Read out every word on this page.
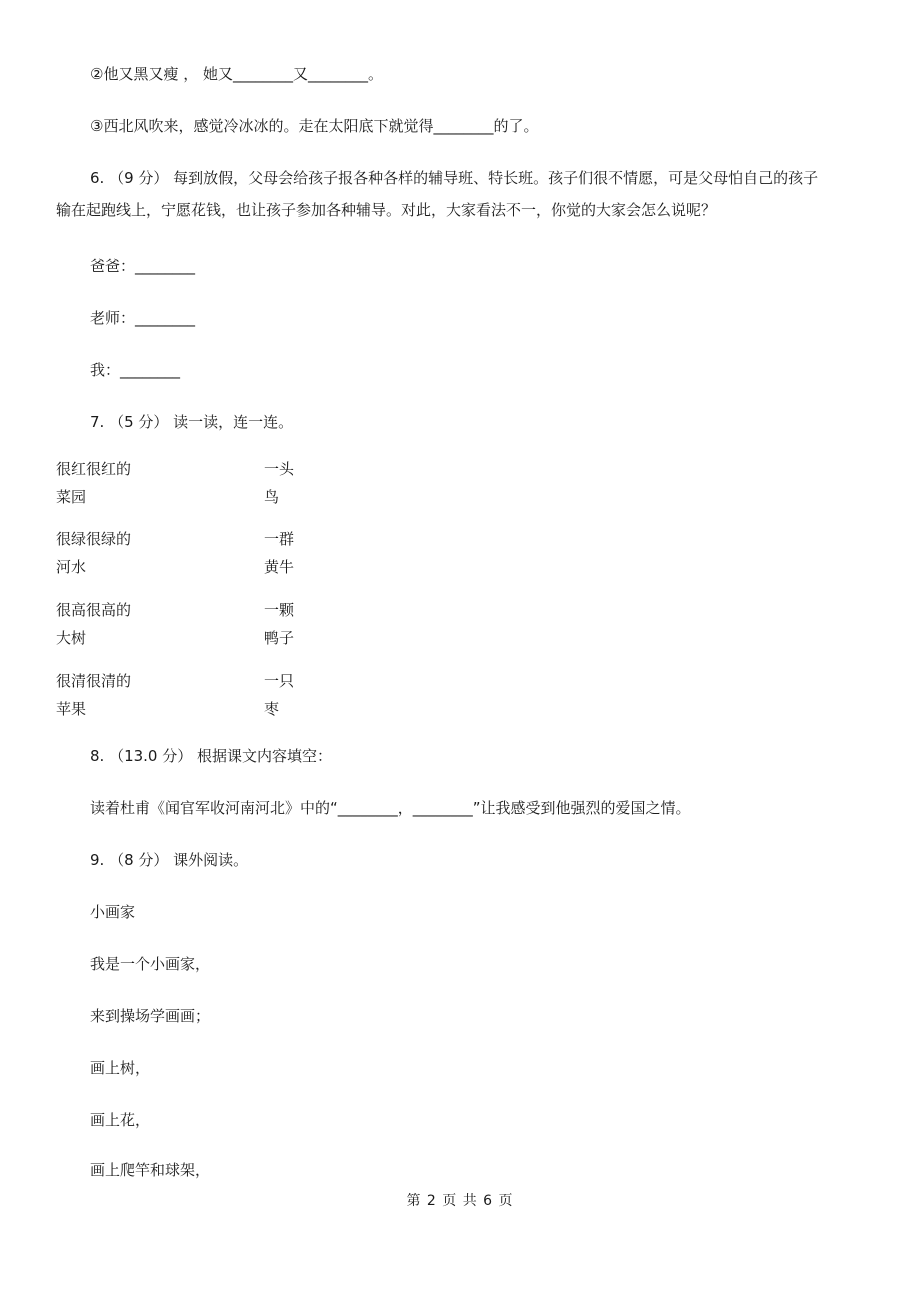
②他又黑又瘦 ， 她又________又________。
③西北风吹来，感觉冷冰冰的。走在太阳底下就觉得________的了。
6. （9 分） 每到放假，父母会给孩子报各种各样的辅导班、特长班。孩子们很不情愿，可是父母怕自己的孩子
输在起跑线上，宁愿花钱，也让孩子参加各种辅导。对此，大家看法不一，你觉的大家会怎么说呢？
爸爸：________
老师：________
我：________
7. （5 分） 读一读，连一连。
很红很红的
菜园
一头
鸟
很绿很绿的
河水
一群
黄牛
很高很高的
大树
一颗
鸭子
很清很清的
苹果
一只
枣
8. （13.0 分） 根据课文内容填空：
读着杜甫《闻官军收河南河北》中的“________，________”让我感受到他强烈的爱国之情。
9. （8 分） 课外阅读。
小画家
我是一个小画家，
来到操场学画画；
画上树，
画上花，
画上爬竿和球架，
第 2 页 共 6 页
